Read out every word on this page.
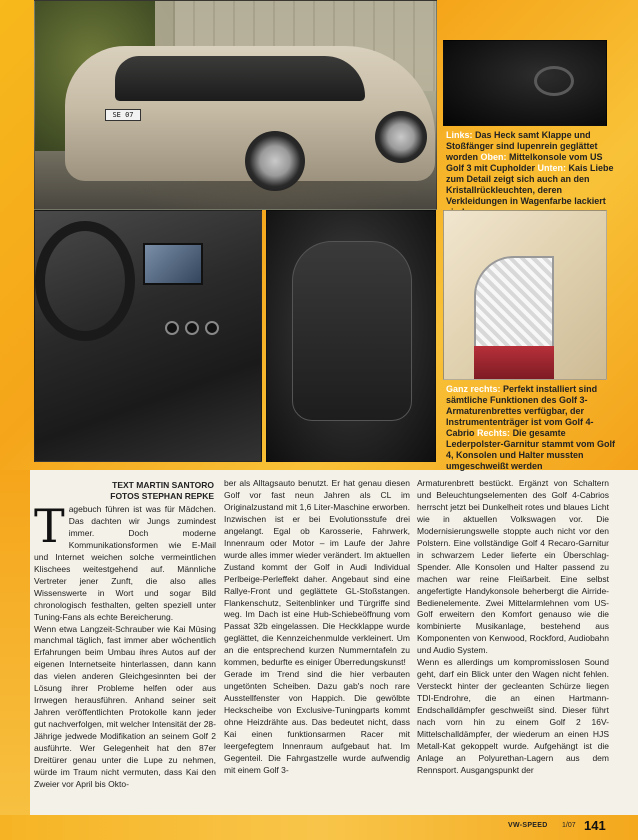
SE 07
Links: Das Heck samt Klappe und Stoßfänger sind lupenrein geglättet worden Oben: Mittelkonsole vom US Golf 3 mit Cupholder Unten: Kais Liebe zum Detail zeigt sich auch an den Kristallrückleuchten, deren Verkleidungen in Wagenfarbe lackiert
Ganz rechts: Perfekt installiert sind sämtliche Funktionen des Golf 3-Armaturenbrettes verfügbar, der Instrumententräger ist vom Golf 4-Cabrio Rechts: Die gesamte Lederpolster-Garnitur stammt vom Golf 4, Konsolen und Halter mussten umgeschweißt werden
TEXT MARTIN SANTORO
FOTOS STEPHAN REPKE
T agebuch führen ist was für Mädchen. Das dachten wir Jungs zumindest immer. Doch moderne Kommunikationsformen wie E-Mail und Internet weichen solche vermeintlichen Klischees weitestgehend auf. Männliche Vertreter jener Zunft, die also alles Wissenswerte in Wort und sogar Bild chronologisch festhalten, gelten speziell unter Tuning-Fans als echte Bereicherung.

Wenn etwa Langzeit-Schrauber wie Kai Müsing manchmal täglich, fast immer aber wöchentlich Erfahrungen beim Umbau ihres Autos auf der eigenen Internetseite hinterlassen, dann kann das vielen anderen Gleichgesinnten bei der Lösung ihrer Probleme helfen oder aus Irrwegen herausführen. Anhand seiner seit Jahren veröffentlichten Protokolle kann jeder gut nachverfolgen, mit welcher Intensität der 28-Jährige jedwede Modifikation an seinem Golf 2 ausführte. Wer Gelegenheit hat den 87er Dreitürer genau unter die Lupe zu nehmen, würde im Traum nicht vermuten, dass Kai den Zweier vor April bis Okto-

ber als Alltagsauto benutzt. Er hat genau diesen Golf vor fast neun Jahren als CL im Originalzustand mit 1,6 Liter-Maschine erworben. Inzwischen ist er bei Evolutionsstufe drei angelangt. Egal ob Karosserie, Fahrwerk, Innenraum oder Motor – im Laufe der Jahre wurde alles immer wieder verändert. Im aktuellen Zustand kommt der Golf in Audi Individual Perlbeige-Perleffekt daher. Angebaut sind eine Rallye-Front und geglättete GL-Stoßstangen. Flankenschutz, Seitenblinker und Türgriffe sind weg. Im Dach ist eine Hub-Schiebeöffnung vom Passat 32b eingelassen. Die Heckklappe wurde geglättet, die Kennzeichenmulde verkleinert. Um an die entsprechend kurzen Nummerntafeln zu kommen, bedurfte es einiger Überredungskunst!

Gerade im Trend sind die hier verbauten ungetönten Scheiben. Dazu gab's noch rare Ausstellfenster von Happich. Die gewölbte Heckscheibe von Exclusive-Tuningparts kommt ohne Heizdrähte aus. Das bedeutet nicht, dass Kai einen funktionsarmen Racer mit leergefegtem Innenraum aufgebaut hat. Im Gegenteil. Die Fahrgastzelle wurde aufwendig mit einem Golf 3-

Armaturenbrett bestückt. Ergänzt von Schaltern und Beleuchtungselementen des Golf 4-Cabrios herrscht jetzt bei Dunkelheit rotes und blaues Licht wie in aktuellen Volkswagen vor. Die Modernisierungswelle stoppte auch nicht vor den Polstern. Eine vollständige Golf 4 Recaro-Garnitur in schwarzem Leder lieferte ein Überschlag-Spender. Alle Konsolen und Halter passend zu machen war reine Fleißarbeit. Eine selbst angefertigte Handykonsole beherbergt die Airride-Bedienelemente. Zwei Mittelarmlehnen vom US-Golf erweitern den Komfort genauso wie die kombinierte Musikanlage, bestehend aus Komponenten von Kenwood, Rockford, Audiobahn und Audio System.

Wenn es allerdings um kompromisslosen Sound geht, darf ein Blick unter den Wagen nicht fehlen. Versteckt hinter der gecleanten Schürze liegen TDI-Endrohre, die an einen Hartmann-Endschalldämpfer geschweißt sind. Dieser führt nach vorn hin zu einem Golf 2 16V-Mittelschalldämpfer, der wiederum an einen HJS Metall-Kat gekoppelt wurde. Aufgehängt ist die Anlage an Polyurethan-Lagern aus dem Rennsport. Ausgangspunkt der

VW-SPEED 1/07 141
